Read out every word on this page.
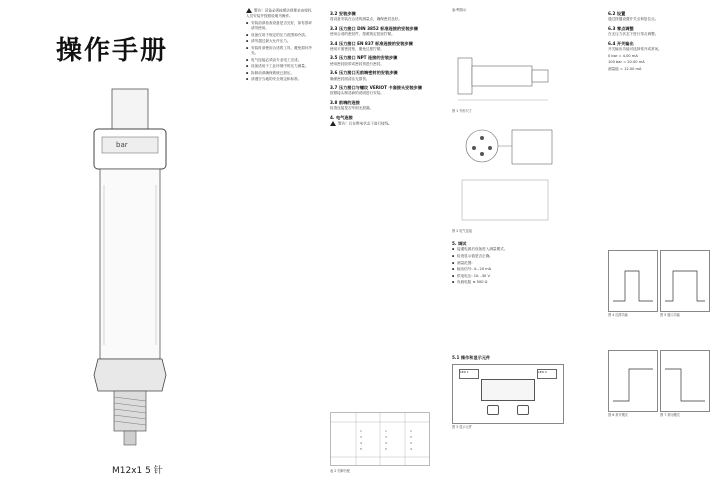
操作手册
bar
M12x1 5 针

警告！设备必须按照法律要求由授权人员安装并按照说明书操作。

▪ 安装前请检查设备是否完好，如有损坏请勿使用。

▪ 设备仅用于规定的压力范围和介质。

▪ 请勿超过最大允许压力。

▪ 安装时请使用合适的工具，避免损坏外壳。

▪ 电气连接必须由专业电工完成。

▪ 设备适用于工业环境中的压力测量。

▪ 拆卸前请确保系统已泄压。

▪ 请遵守当地的安全规定和标准。

3.2 安装步骤

将设备安装在合适的测量点，确保密封良好。

3.3 压力接口 DIN 3852 标准连接的安装步骤

使用合适的密封件，按照规定扭矩拧紧。

3.4 压力接口 EN 837 标准连接的安装步骤

使用平面密封垫，避免过度拧紧。

3.5 压力接口 NPT 连接的安装步骤

使用密封胶带或密封剂进行密封。

3.6 压力接口无前端密封的安装步骤

确保密封面清洁无损伤。

3.7 压力接口与螺纹 VERIOT 卡套接头安装步骤

按照接头制造商的说明进行安装。

3.8 前端的连接

检查连接是否牢固无泄漏。

4. 电气连接

警告！仅在断电状态下进行接线。

1
3
4
5
1
3
4
5
1
2
3
4
表 2 引脚分配

参考图示

图 1 外形尺寸
图 2 电气连接
5. 调试

▪ 接通电源后设备进入测量模式。

▪ 检查显示值是否正确。

▪ 测量范围:

▪ 输出信号: 4...20 mA

▪ 供电电压: 10...30 V

▪ 负载电阻 ≤ 500 Ω

5.1 操作和显示元件
LED 1	LED 2
图 3 显示元件
6.2 设置

通过按键设置开关点和复位点。

6.3 零点调整

在无压力状态下进行零点调整。

6.4 开关输出

开关输出功能可选择常开或常闭。

0 bar = 4.00 mA

100 bar = 20.00 mA

测量值 = 12.00 mA

图 4 迟滞功能	图 5 窗口功能
图 6 常开模式	图 7 常闭模式
